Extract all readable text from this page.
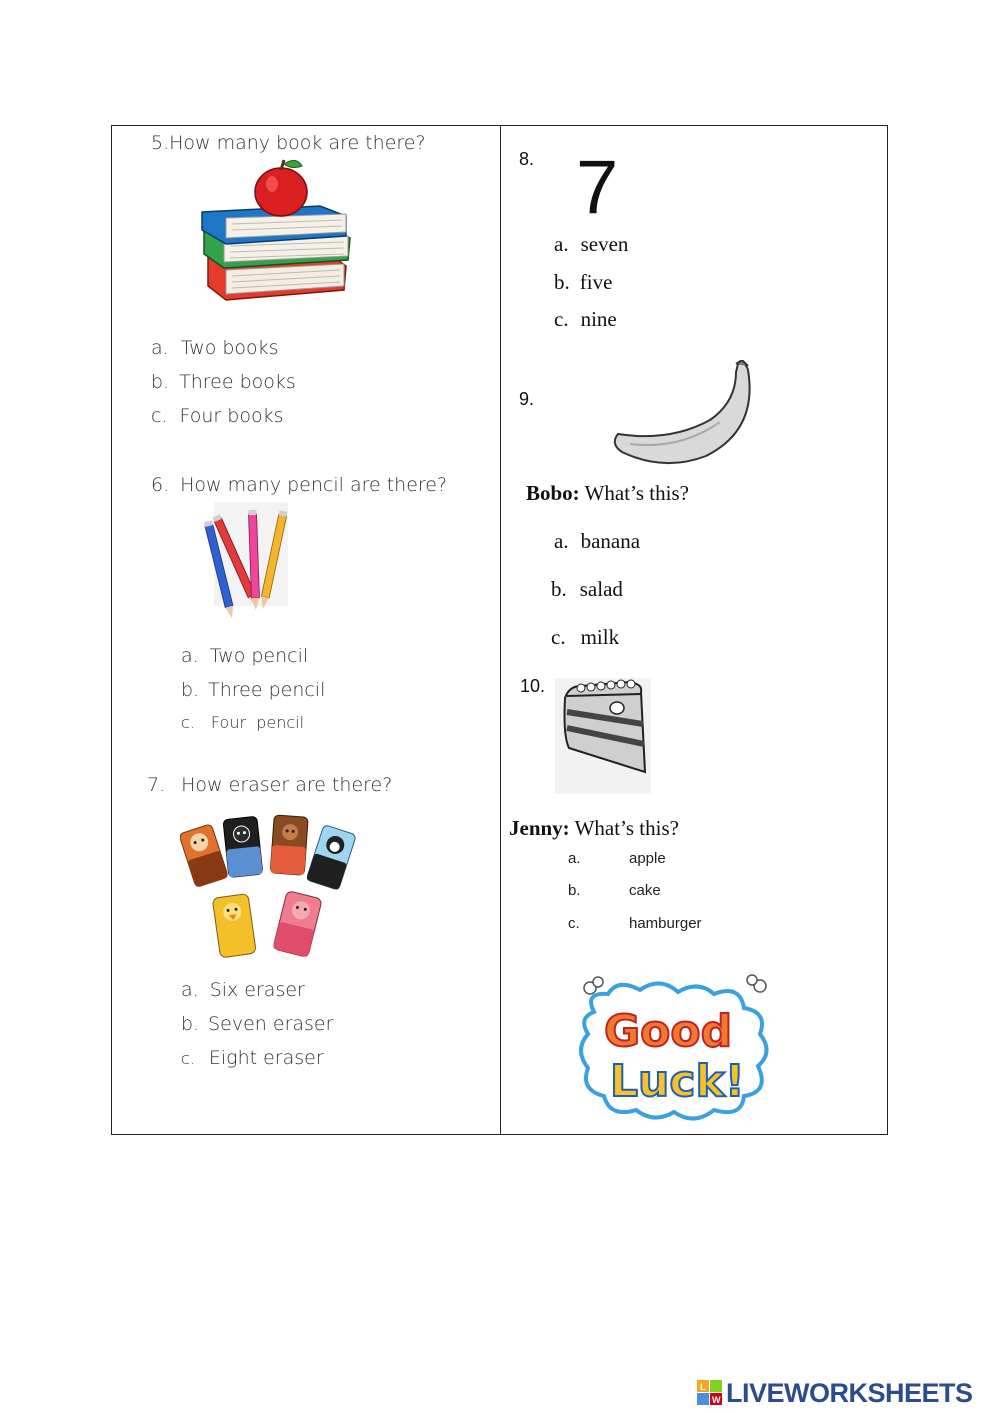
5.How many book are there?
a. Two books
b. Three books
c. Four books
6. How many pencil are there?
a. Two pencil
b. Three pencil
c. Four  pencil
7. How eraser are there?
a. Six eraser
b. Seven eraser
c. Eight eraser
8. 7
a. seven
b. five
c. nine
9.
Bobo: What’s this?
a. banana
b. salad
c. milk
10.
Jenny: What’s this?
a.	apple
b.	cake
c.	hamburger
Good
Luck!
L
W LIVEWORKSHEETS
